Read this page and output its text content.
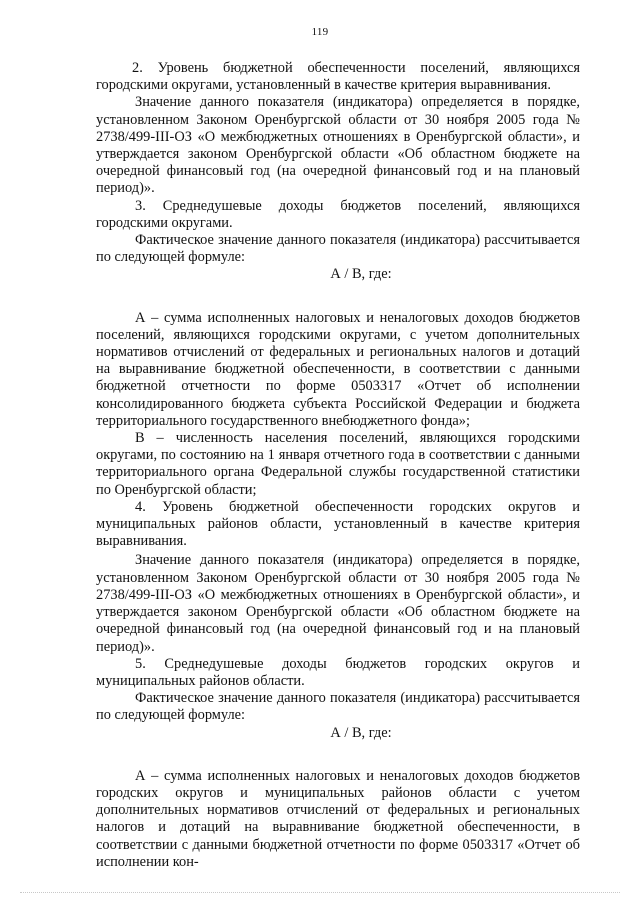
119

2. Уровень бюджетной обеспеченности поселений, являющихся городскими округами, установленный в качестве критерия выравнивания.

Значение данного показателя (индикатора) определяется в порядке, установленном Законом Оренбургской области от 30 ноября 2005 года № 2738/499-III-ОЗ «О межбюджетных отношениях в Оренбургской области», и утверждается законом Оренбургской области «Об областном бюджете на очередной финансовый год (на очередной финансовый год и на плановый период)».

3. Среднедушевые доходы бюджетов поселений, являющихся городскими округами.

Фактическое значение данного показателя (индикатора) рассчитывается по следующей формуле:

А / В, где:

А – сумма исполненных налоговых и неналоговых доходов бюджетов поселений, являющихся городскими округами, с учетом дополнительных нормативов отчислений от федеральных и региональных налогов и дотаций на выравнивание бюджетной обеспеченности, в соответствии с данными бюджетной отчетности по форме 0503317 «Отчет об исполнении консолидированного бюджета субъекта Российской Федерации и бюджета территориального государственного внебюджетного фонда»;

В – численность населения поселений, являющихся городскими округами, по состоянию на 1 января отчетного года в соответствии с данными территориального органа Федеральной службы государственной статистики по Оренбургской области;

4. Уровень бюджетной обеспеченности городских округов и муниципальных районов области, установленный в качестве критерия выравнивания.

Значение данного показателя (индикатора) определяется в порядке, установленном Законом Оренбургской области от 30 ноября 2005 года № 2738/499-III-ОЗ «О межбюджетных отношениях в Оренбургской области», и утверждается законом Оренбургской области «Об областном бюджете на очередной финансовый год (на очередной финансовый год и на плановый период)».

5. Среднедушевые доходы бюджетов городских округов и муниципальных районов области.

Фактическое значение данного показателя (индикатора) рассчитывается по следующей формуле:

А / В, где:

А – сумма исполненных налоговых и неналоговых доходов бюджетов городских округов и муниципальных районов области с учетом дополнительных нормативов отчислений от федеральных и региональных налогов и дотаций на выравнивание бюджетной обеспеченности, в соответствии с данными бюджетной отчетности по форме 0503317 «Отчет об исполнении кон-
